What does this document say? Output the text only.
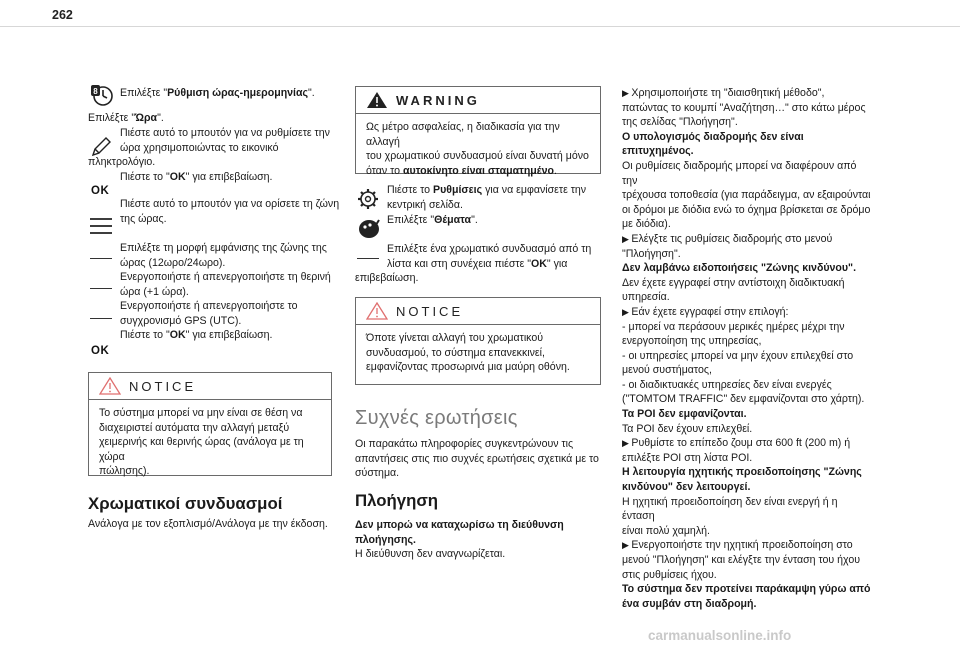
262
8 Επιλέξτε "Ρύθμιση ώρας-ημερομηνίας".
Επιλέξτε "Ώρα".
Πιέστε αυτό το μπουτόν για να ρυθμίσετε την
ώρα χρησιμοποιώντας το εικονικό
πληκτρολόγιο.
OK
Πιέστε το "OK" για επιβεβαίωση.
Πιέστε αυτό το μπουτόν για να ορίσετε τη ζώνη
της ώρας.
Επιλέξτε τη μορφή εμφάνισης της ζώνης της
ώρας (12ωρο/24ωρο).
Ενεργοποιήστε ή απενεργοποιήστε τη θερινή
ώρα (+1 ώρα).
Ενεργοποιήστε ή απενεργοποιήστε το
συγχρονισμό GPS (UTC).
OK
Πιέστε το "OK" για επιβεβαίωση.
NOTICE
Το σύστημα μπορεί να μην είναι σε θέση να
διαχειριστεί αυτόματα την αλλαγή μεταξύ
χειμερινής και θερινής ώρας (ανάλογα με τη χώρα
πώλησης).
Χρωματικοί συνδυασμοί
Ανάλογα με τον εξοπλισμό/Ανάλογα με την έκδοση.
WARNING
Ως μέτρο ασφαλείας, η διαδικασία για την αλλαγή
του χρωματικού συνδυασμού είναι δυνατή μόνο
όταν το αυτοκίνητο είναι σταματημένο.
Πιέστε το Ρυθμίσεις για να εμφανίσετε την
κεντρική σελίδα.
Επιλέξτε "Θέματα".
Επιλέξτε ένα χρωματικό συνδυασμό από τη
λίστα και στη συνέχεια πιέστε "OK" για
επιβεβαίωση.
NOTICE
Όποτε γίνεται αλλαγή του χρωματικού
συνδυασμού, το σύστημα επανεκκινεί,
εμφανίζοντας προσωρινά μια μαύρη οθόνη.
Συχνές ερωτήσεις
Οι παρακάτω πληροφορίες συγκεντρώνουν τις
απαντήσεις στις πιο συχνές ερωτήσεις σχετικά με το
σύστημα.
Πλοήγηση
Δεν μπορώ να καταχωρίσω τη διεύθυνση
πλοήγησης.
Η διεύθυνση δεν αναγνωρίζεται.
▶ Χρησιμοποιήστε τη "διαισθητική μέθοδο",
πατώντας το κουμπί "Αναζήτηση…" στο κάτω μέρος
της σελίδας "Πλοήγηση".
Ο υπολογισμός διαδρομής δεν είναι επιτυχημένος.
Οι ρυθμίσεις διαδρομής μπορεί να διαφέρουν από την
τρέχουσα τοποθεσία (για παράδειγμα, αν εξαιρούνται
οι δρόμοι με διόδια ενώ το όχημα βρίσκεται σε δρόμο
με διόδια).
▶ Ελέγξτε τις ρυθμίσεις διαδρομής στο μενού
"Πλοήγηση".
Δεν λαμβάνω ειδοποιήσεις "Ζώνης κινδύνου".
Δεν έχετε εγγραφεί στην αντίστοιχη διαδικτυακή
υπηρεσία.
▶ Εάν έχετε εγγραφεί στην επιλογή:
- μπορεί να περάσουν μερικές ημέρες μέχρι την
ενεργοποίηση της υπηρεσίας,
- οι υπηρεσίες μπορεί να μην έχουν επιλεχθεί στο
μενού συστήματος,
- οι διαδικτυακές υπηρεσίες δεν είναι ενεργές
("TOMTOM TRAFFIC" δεν εμφανίζονται στο χάρτη).
Τα POI δεν εμφανίζονται.
Τα POI δεν έχουν επιλεχθεί.
▶ Ρυθμίστε το επίπεδο ζουμ στα 600 ft (200 m) ή
επιλέξτε POI στη λίστα POI.
Η λειτουργία ηχητικής προειδοποίησης "Ζώνης
κινδύνου" δεν λειτουργεί.
Η ηχητική προειδοποίηση δεν είναι ενεργή ή η ένταση
είναι πολύ χαμηλή.
▶ Ενεργοποιήστε την ηχητική προειδοποίηση στο
μενού "Πλοήγηση" και ελέγξτε την ένταση του ήχου
στις ρυθμίσεις ήχου.
Το σύστημα δεν προτείνει παράκαμψη γύρω από
ένα συμβάν στη διαδρομή.
carmanualsonline.info
